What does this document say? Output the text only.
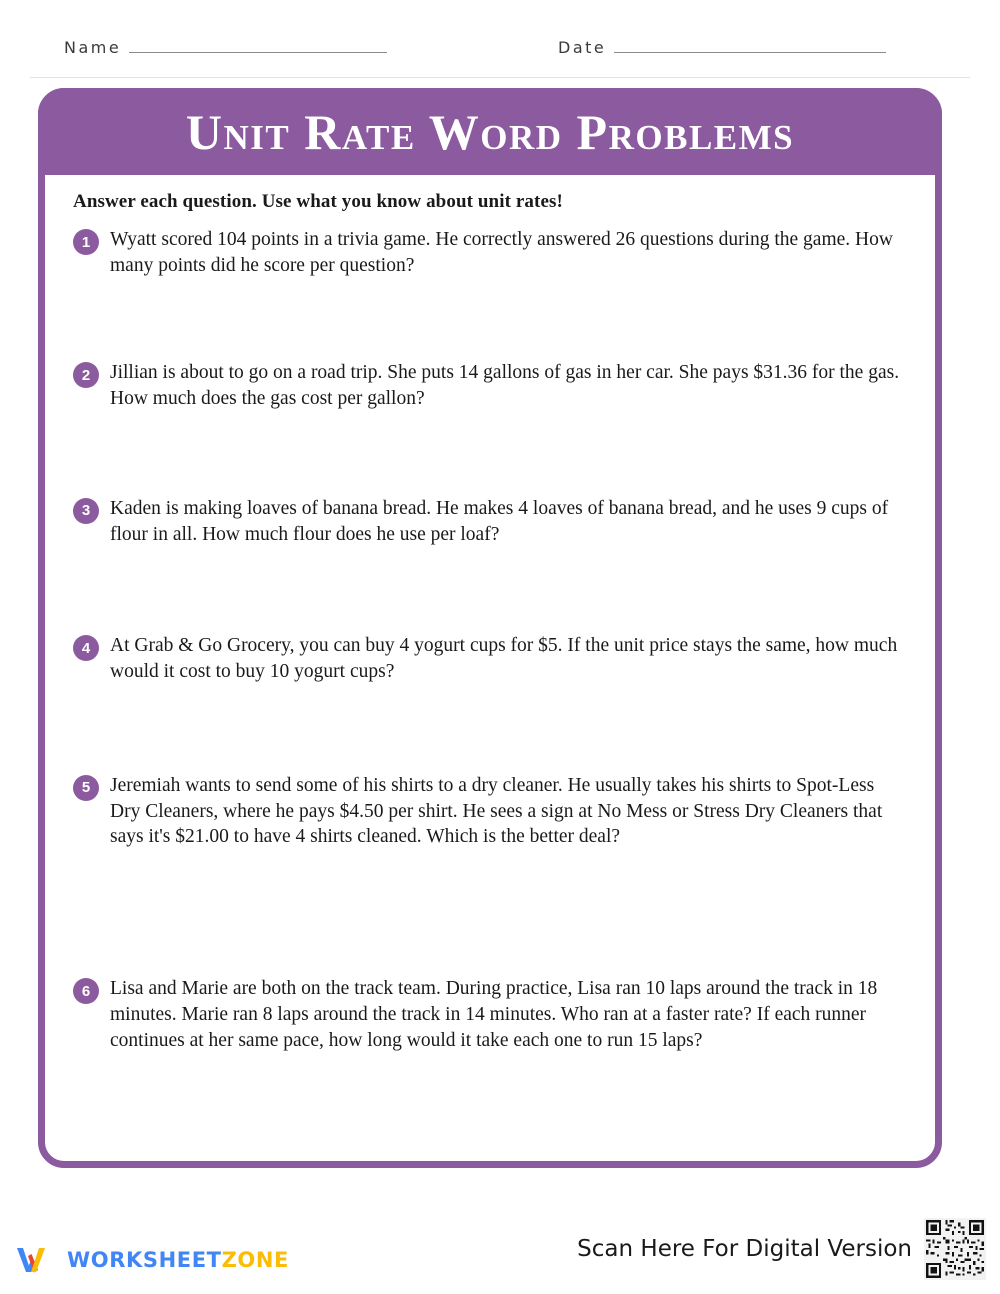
Name	Date
Unit Rate Word Problems

Answer each question. Use what you know about unit rates!

1	Wyatt scored 104 points in a trivia game. He correctly answered 26 questions during the game. How many points did he score per question?
2	Jillian is about to go on a road trip. She puts 14 gallons of gas in her car. She pays $31.36 for the gas. How much does the gas cost per gallon?
3	Kaden is making loaves of banana bread. He makes 4 loaves of banana bread, and he uses 9 cups of flour in all. How much flour does he use per loaf?
4	At Grab & Go Grocery, you can buy 4 yogurt cups for $5. If the unit price stays the same, how much would it cost to buy 10 yogurt cups?
5	Jeremiah wants to send some of his shirts to a dry cleaner. He usually takes his shirts to Spot-Less Dry Cleaners, where he pays $4.50 per shirt. He sees a sign at No Mess or Stress Dry Cleaners that says it's $21.00 to have 4 shirts cleaned. Which is the better deal?
6	Lisa and Marie are both on the track team. During practice, Lisa ran 10 laps around the track in 18 minutes. Marie ran 8 laps around the track in 14 minutes. Who ran at a faster rate? If each runner continues at her same pace, how long would it take each one to run 15 laps?
WORKSHEETZONE	Scan Here For Digital Version
